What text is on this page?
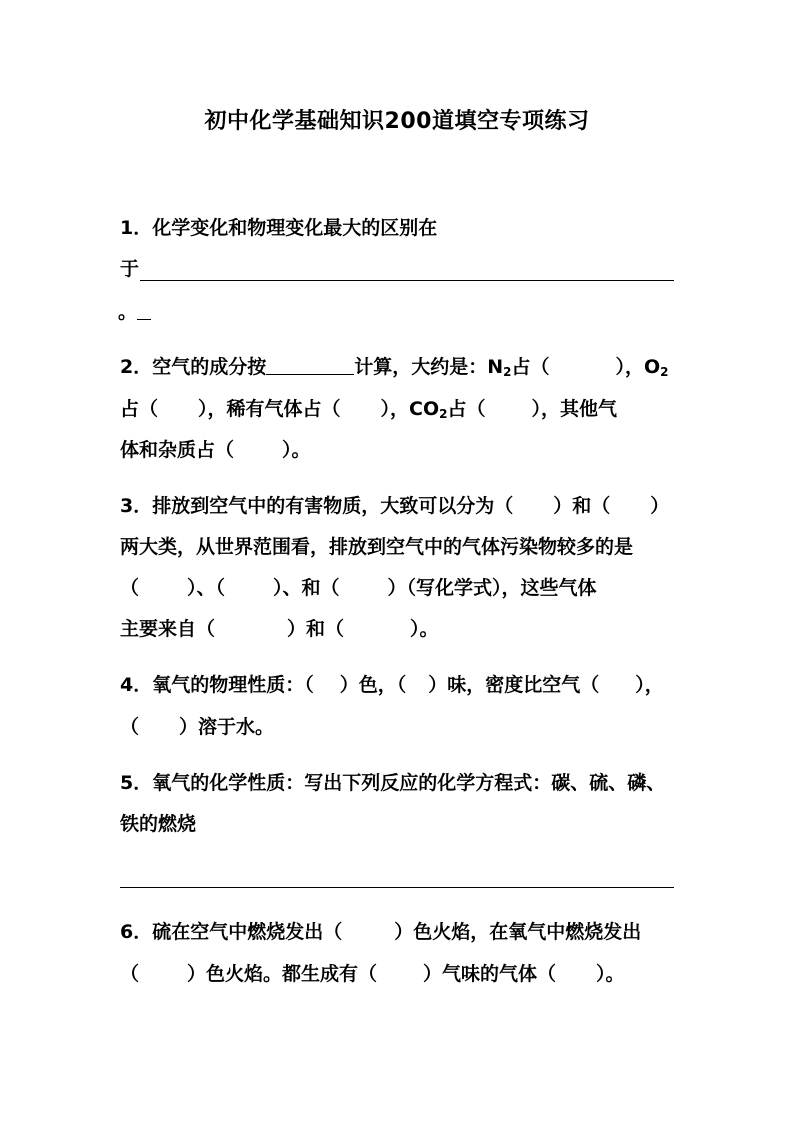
初中化学基础知识200道填空专项练习
1．化学变化和物理变化最大的区别在
于
。
2．空气的成分按	计算，大约是：$N_2$占（	），$O_2$
占（ ），稀有气体占（ ），$CO_2$占（ ），其他气
体和杂质占（	）。
3．排放到空气中的有害物质，大致可以分为（ ）和（ ）
两大类，从世界范围看，排放到空气中的气体污染物较多的是
（	）、（	）、和（	）（写化学式），这些气体
主要来自（	）和（	）。
4．氧气的物理性质：（ ）色，（ ）味，密度比空气（ ），
（ ）溶于水。
5．氧气的化学性质：写出下列反应的化学方程式：碳、硫、磷、
铁的燃烧
6．硫在空气中燃烧发出（	）色火焰，在氧气中燃烧发出
（	）色火焰。都生成有（ ）气味的气体（ ）。
